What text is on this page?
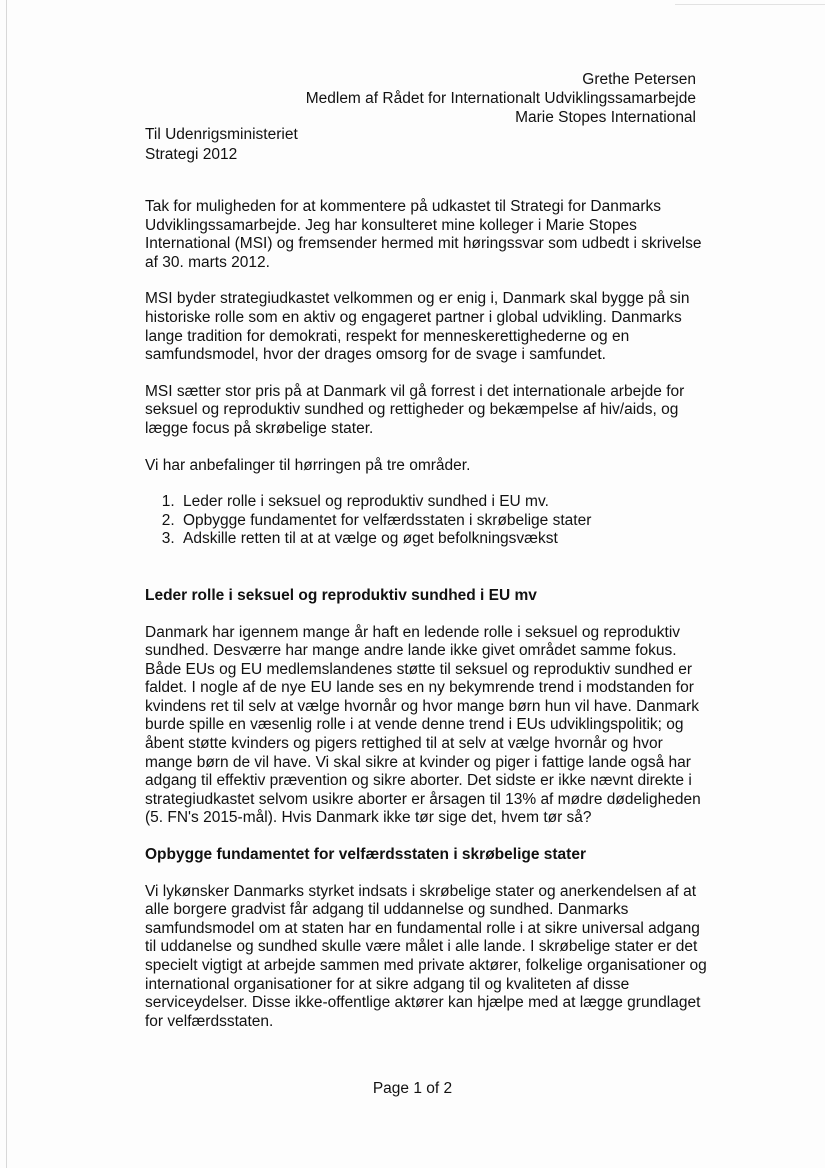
Grethe Petersen
Medlem af Rådet for Internationalt Udviklingssamarbejde
Marie Stopes International
Til Udenrigsministeriet
Strategi 2012

Tak for muligheden for at kommentere på udkastet til Strategi for Danmarks Udviklingssamarbejde. Jeg har konsulteret mine kolleger i Marie Stopes International (MSI) og fremsender hermed mit høringssvar som udbedt i skrivelse af 30. marts 2012.

MSI byder strategiudkastet velkommen og er enig i, Danmark skal bygge på sin historiske rolle som en aktiv og engageret partner i global udvikling. Danmarks lange tradition for demokrati, respekt for menneskerettighederne og en samfundsmodel, hvor der drages omsorg for de svage i samfundet.

MSI sætter stor pris på at Danmark vil gå forrest i det internationale arbejde for seksuel og reproduktiv sundhed og rettigheder og bekæmpelse af hiv/aids, og lægge focus på skrøbelige stater.

Vi har anbefalinger til hørringen på tre områder.

1. Leder rolle i seksuel og reproduktiv sundhed i EU mv.
2. Opbygge fundamentet for velfærdsstaten i skrøbelige stater
3. Adskille retten til at at vælge og øget befolkningsvækst
Leder rolle i seksuel og reproduktiv sundhed i EU mv

Danmark har igennem mange år haft en ledende rolle i seksuel og reproduktiv sundhed. Desværre har mange andre lande ikke givet området samme fokus. Både EUs og EU medlemslandenes støtte til seksuel og reproduktiv sundhed er faldet. I nogle af de nye EU lande ses en ny bekymrende trend i modstanden for kvindens ret til selv at vælge hvornår og hvor mange børn hun vil have. Danmark burde spille en væsenlig rolle i at vende denne trend i EUs udviklingspolitik; og åbent støtte kvinders og pigers rettighed til at selv at vælge hvornår og hvor mange børn de vil have. Vi skal sikre at kvinder og piger i fattige lande også har adgang til effektiv prævention og sikre aborter. Det sidste er ikke nævnt direkte i strategiudkastet selvom usikre aborter er årsagen til 13% af mødre dødeligheden (5. FN's 2015-mål). Hvis Danmark ikke tør sige det, hvem tør så?

Opbygge fundamentet for velfærdsstaten i skrøbelige stater

Vi lykønsker Danmarks styrket indsats i skrøbelige stater og anerkendelsen af at alle borgere gradvist får adgang til uddannelse og sundhed. Danmarks samfundsmodel om at staten har en fundamental rolle i at sikre universal adgang til uddanelse og sundhed skulle være målet i alle lande. I skrøbelige stater er det specielt vigtigt at arbejde sammen med private aktører, folkelige organisationer og international organisationer for at sikre adgang til og kvaliteten af disse serviceydelser. Disse ikke-offentlige aktører kan hjælpe med at lægge grundlaget for velfærdsstaten.

Page 1 of 2
